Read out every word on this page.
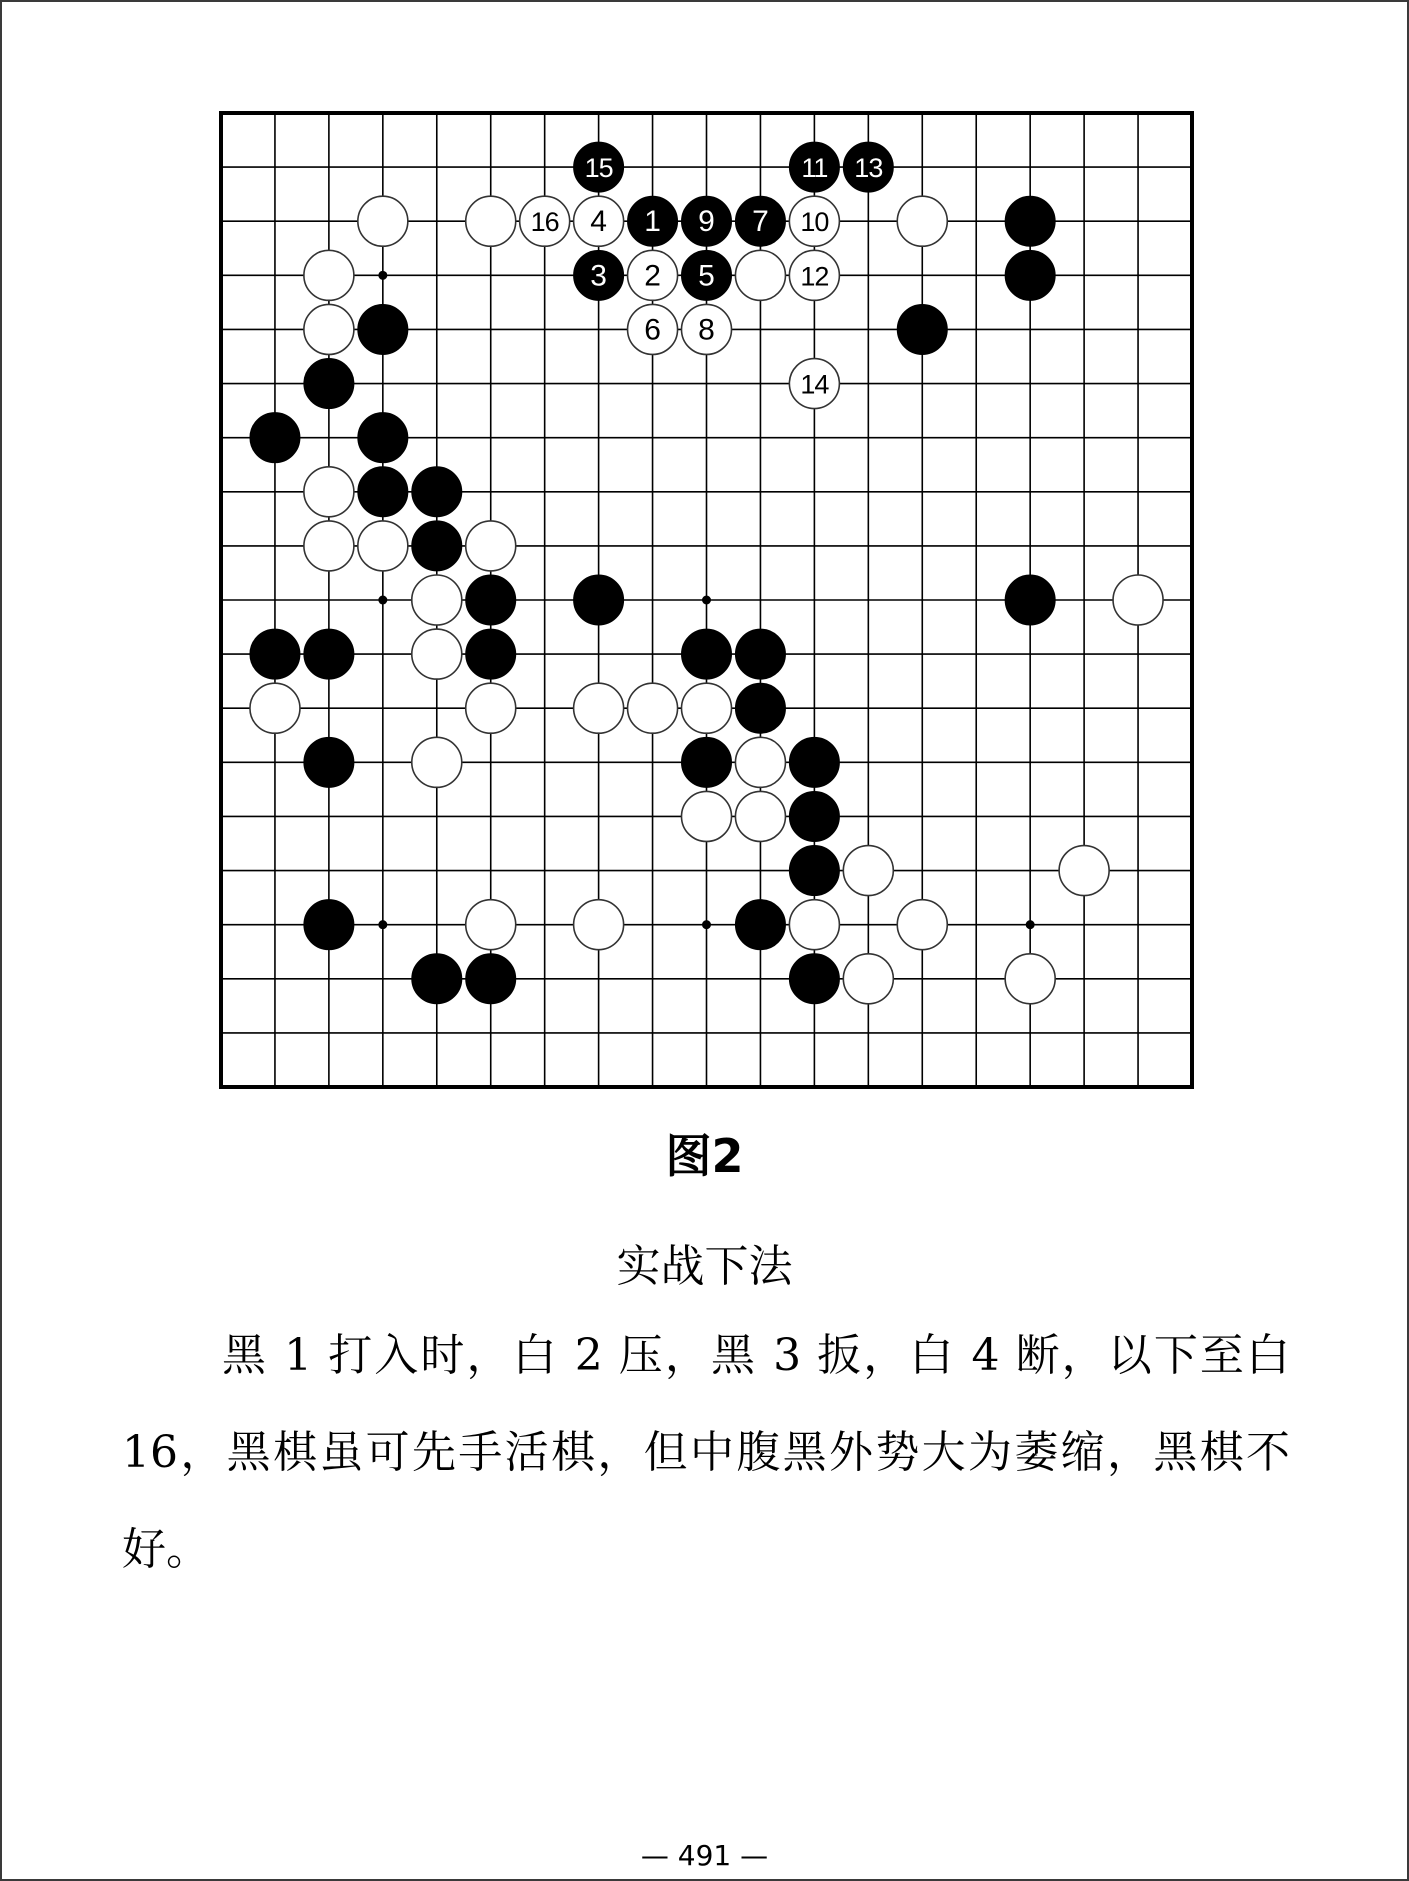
15	11 13
1 9 7
3	5
16 4	10
2	12
6 8
14
图2
实战下法

黑 1 打入时，白 2 压，黑 3 扳，白 4 断，以下至白 16，黑棋虽可先手活棋，但中腹黑外势大为萎缩，黑棋不好。

— 491 —
